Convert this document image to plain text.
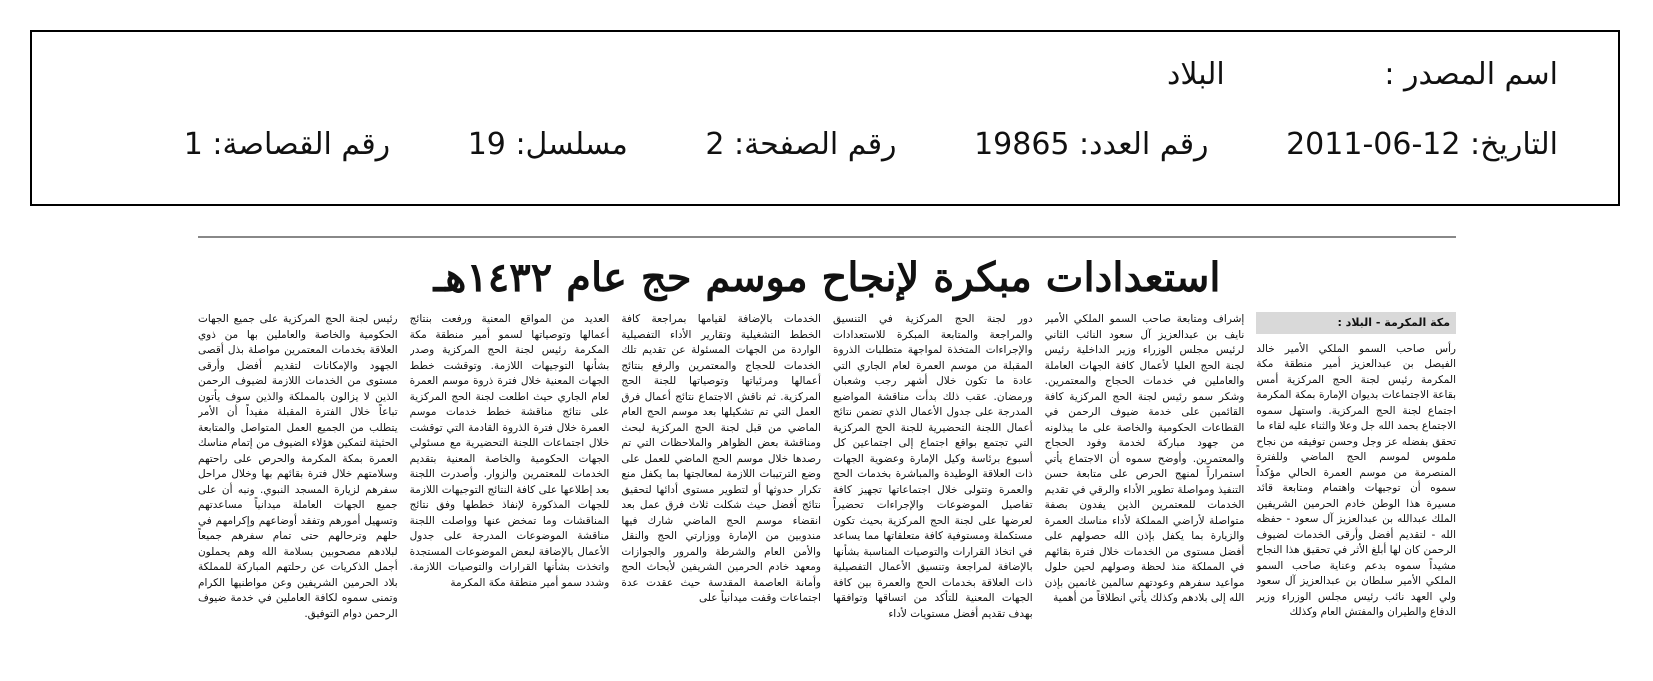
اسم المصدر : البلاد
التاريخ: 12-06-2011 رقم العدد: 19865 رقم الصفحة: 2 مسلسل: 19 رقم القصاصة: 1
استعدادات مبكرة لإنجاح موسم حج عام ١٤٣٢هـ
مكة المكرمة - البلاد :
رأس صاحب السمو الملكي الأمير خالد الفيصل بن عبدالعزيز أمير منطقة مكة المكرمة رئيس لجنة الحج المركزية أمس بقاعة الاجتماعات بديوان الإمارة بمكة المكرمة اجتماع لجنة الحج المركزية. واستهل سموه الاجتماع بحمد الله جل وعلا والثناء عليه لقاء ما تحقق بفضله عز وجل وحسن توفيقه من نجاح ملموس لموسم الحج الماضي وللفترة المنصرمة من موسم العمرة الحالي مؤكداً سموه أن توجيهات واهتمام ومتابعة قائد مسيرة هذا الوطن خادم الحرمين الشريفين الملك عبدالله بن عبدالعزيز آل سعود - حفظه الله - لتقديم أفضل وأرقى الخدمات لضيوف الرحمن كان لها أبلغ الأثر في تحقيق هذا النجاح مشيداً سموه بدعم وعناية صاحب السمو الملكي الأمير سلطان بن عبدالعزيز آل سعود ولي العهد نائب رئيس مجلس الوزراء وزير الدفاع والطيران والمفتش العام وكذلك
إشراف ومتابعة صاحب السمو الملكي الأمير نايف بن عبدالعزيز آل سعود النائب الثاني لرئيس مجلس الوزراء وزير الداخلية رئيس لجنة الحج العليا لأعمال كافة الجهات العاملة والعاملين في خدمات الحجاج والمعتمرين. وشكر سمو رئيس لجنة الحج المركزية كافة القائمين على خدمة ضيوف الرحمن في القطاعات الحكومية والخاصة على ما يبذلونه من جهود مباركة لخدمة وفود الحجاج والمعتمرين. وأوضح سموه أن الاجتماع يأتي استمراراً لمنهج الحرص على متابعة حسن التنفيذ ومواصلة تطوير الأداء والرقي في تقديم الخدمات للمعتمرين الذين يفدون بصفة متواصلة لأراضي المملكة لأداء مناسك العمرة والزيارة بما يكفل بإذن الله حصولهم على أفضل مستوى من الخدمات خلال فترة بقائهم في المملكة منذ لحظة وصولهم لحين حلول مواعيد سفرهم وعودتهم سالمين غانمين بإذن الله إلى بلادهم وكذلك يأتي انطلاقاً من أهمية
دور لجنة الحج المركزية في التنسيق والمراجعة والمتابعة المبكرة للاستعدادات والإجراءات المتخذة لمواجهة متطلبات الذروة المقبلة من موسم العمرة لعام الجاري التي عادة ما تكون خلال أشهر رجب وشعبان ورمضان. عقب ذلك بدأت مناقشة المواضيع المدرجة على جدول الأعمال الذي تضمن نتائج أعمال اللجنة التحضيرية للجنة الحج المركزية التي تجتمع بواقع اجتماع إلى اجتماعين كل أسبوع برئاسة وكيل الإمارة وعضوية الجهات ذات العلاقة الوطيدة والمباشرة بخدمات الحج والعمرة وتتولى خلال اجتماعاتها تجهيز كافة تفاصيل الموضوعات والإجراءات تحضيراً لعرضها على لجنة الحج المركزية بحيث تكون مستكملة ومستوفية كافة متعلقاتها مما يساعد في اتخاذ القرارات والتوصيات المناسبة بشأنها بالإضافة لمراجعة وتنسيق الأعمال التفصيلية ذات العلاقة بخدمات الحج والعمرة بين كافة الجهات المعنية للتأكد من اتساقها وتوافقها بهدف تقديم أفضل مستويات لأداء
الخدمات بالإضافة لقيامها بمراجعة كافة الخطط التشغيلية وتقارير الأداء التفصيلية الواردة من الجهات المسئولة عن تقديم تلك الخدمات للحجاج والمعتمرين والرفع بنتائج أعمالها ومرئياتها وتوصياتها للجنة الحج المركزية. ثم ناقش الاجتماع نتائج أعمال فرق العمل التي تم تشكيلها بعد موسم الحج العام الماضي من قبل لجنة الحج المركزية لبحث ومناقشة بعض الظواهر والملاحظات التي تم رصدها خلال موسم الحج الماضي للعمل على وضع الترتيبات اللازمة لمعالجتها بما يكفل منع تكرار حدوثها أو لتطوير مستوى أدائها لتحقيق نتائج أفضل حيث شكلت ثلاث فرق عمل بعد انقضاء موسم الحج الماضي شارك فيها مندوبين من الإمارة ووزارتي الحج والنقل والأمن العام والشرطة والمرور والجوازات ومعهد خادم الحرمين الشريفين لأبحاث الحج وأمانة العاصمة المقدسة حيث عقدت عدة اجتماعات وقفت ميدانياً على
العديد من المواقع المعنية ورفعت بنتائج أعمالها وتوصياتها لسمو أمير منطقة مكة المكرمة رئيس لجنة الحج المركزية وصدر بشأنها التوجيهات اللازمة. وتوقشت خطط الجهات المعنية خلال فترة ذروة موسم العمرة لعام الجاري حيث اطلعت لجنة الحج المركزية على نتائج مناقشة خطط خدمات موسم العمرة خلال فترة الذروة القادمة التي توقشت خلال اجتماعات اللجنة التحضيرية مع مسئولي الجهات الحكومية والخاصة المعنية بتقديم الخدمات للمعتمرين والزوار. وأصدرت اللجنة بعد إطلاعها على كافة النتائج التوجيهات اللازمة للجهات المذكورة لإنفاذ خططها وفق نتائج المناقشات وما تمخض عنها وواصلت اللجنة مناقشة الموضوعات المدرجة على جدول الأعمال بالإضافة لبعض الموضوعات المستجدة واتخذت بشأنها القرارات والتوصيات اللازمة. وشدد سمو أمير منطقة مكة المكرمة
رئيس لجنة الحج المركزية على جميع الجهات الحكومية والخاصة والعاملين بها من ذوي العلاقة بخدمات المعتمرين مواصلة بذل أقصى الجهود والإمكانات لتقديم أفضل وأرقى مستوى من الخدمات اللازمة لضيوف الرحمن الذين لا يزالون بالمملكة والذين سوف يأتون تباعاً خلال الفترة المقبلة مفيداً أن الأمر يتطلب من الجميع العمل المتواصل والمتابعة الحثيثة لتمكين هؤلاء الضيوف من إتمام مناسك العمرة بمكة المكرمة والحرص على راحتهم وسلامتهم خلال فترة بقائهم بها وخلال مراحل سفرهم لزيارة المسجد النبوي. ونبه أن على جميع الجهات العاملة ميدانياً مساعدتهم وتسهيل أمورهم وتفقد أوضاعهم وإكرامهم في حلهم وترحالهم حتى تمام سفرهم جميعاً لبلادهم مصحوبين بسلامة الله وهم يحملون أجمل الذكريات عن رحلتهم المباركة للمملكة بلاد الحرمين الشريفين وعن مواطنيها الكرام وتمنى سموه لكافة العاملين في خدمة ضيوف الرحمن دوام التوفيق.
